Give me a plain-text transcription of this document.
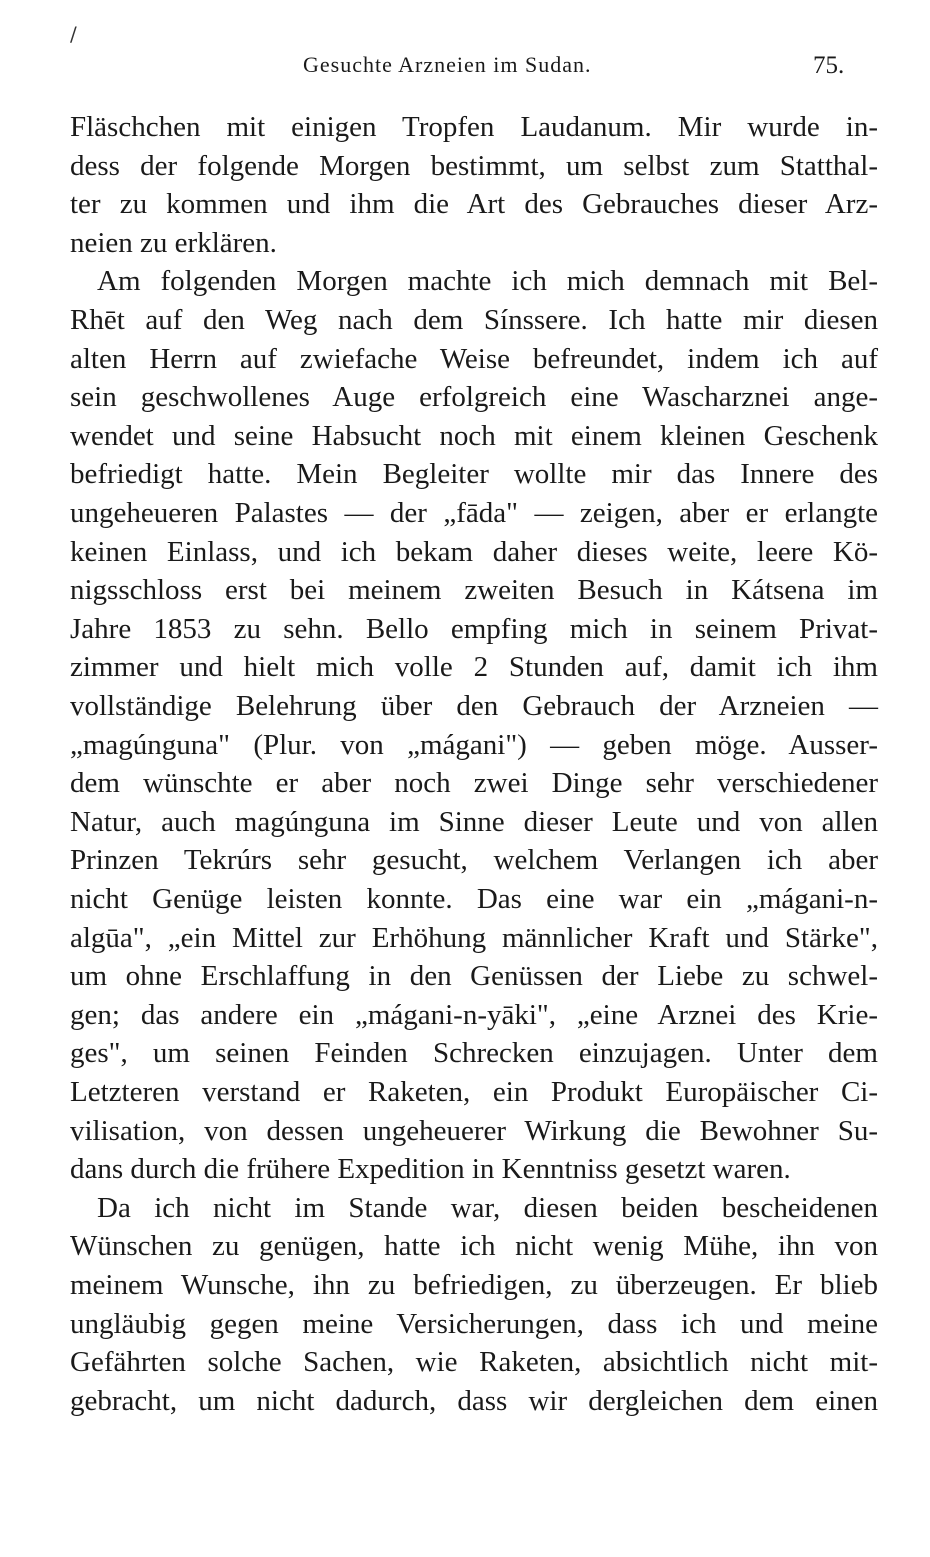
/
Gesuchte Arzneien im Sudan.	75.
Fläschchen mit einigen Tropfen Laudanum. Mir wurde in-
dess der folgende Morgen bestimmt, um selbst zum Statthal-
ter zu kommen und ihm die Art des Gebrauches dieser Arz-
neien zu erklären.
Am folgenden Morgen machte ich mich demnach mit Bel-
Rhēt auf den Weg nach dem Sínssere. Ich hatte mir diesen
alten Herrn auf zwiefache Weise befreundet, indem ich auf
sein geschwollenes Auge erfolgreich eine Wascharznei ange-
wendet und seine Habsucht noch mit einem kleinen Geschenk
befriedigt hatte. Mein Begleiter wollte mir das Innere des
ungeheueren Palastes — der „fāda" — zeigen, aber er erlangte
keinen Einlass, und ich bekam daher dieses weite, leere Kö-
nigsschloss erst bei meinem zweiten Besuch in Kátsena im
Jahre 1853 zu sehn. Bello empfing mich in seinem Privat-
zimmer und hielt mich volle 2 Stunden auf, damit ich ihm
vollständige Belehrung über den Gebrauch der Arzneien —
„magúnguna" (Plur. von „mágani") — geben möge. Ausser-
dem wünschte er aber noch zwei Dinge sehr verschiedener
Natur, auch magúnguna im Sinne dieser Leute und von allen
Prinzen Tekrúrs sehr gesucht, welchem Verlangen ich aber
nicht Genüge leisten konnte. Das eine war ein „mágani-n-
algūa", „ein Mittel zur Erhöhung männlicher Kraft und Stärke",
um ohne Erschlaffung in den Genüssen der Liebe zu schwel-
gen; das andere ein „mágani-n-yāki", „eine Arznei des Krie-
ges", um seinen Feinden Schrecken einzujagen. Unter dem
Letzteren verstand er Raketen, ein Produkt Europäischer Ci-
vilisation, von dessen ungeheuerer Wirkung die Bewohner Su-
dans durch die frühere Expedition in Kenntniss gesetzt waren.
Da ich nicht im Stande war, diesen beiden bescheidenen
Wünschen zu genügen, hatte ich nicht wenig Mühe, ihn von
meinem Wunsche, ihn zu befriedigen, zu überzeugen. Er blieb
ungläubig gegen meine Versicherungen, dass ich und meine
Gefährten solche Sachen, wie Raketen, absichtlich nicht mit-
gebracht, um nicht dadurch, dass wir dergleichen dem einen
